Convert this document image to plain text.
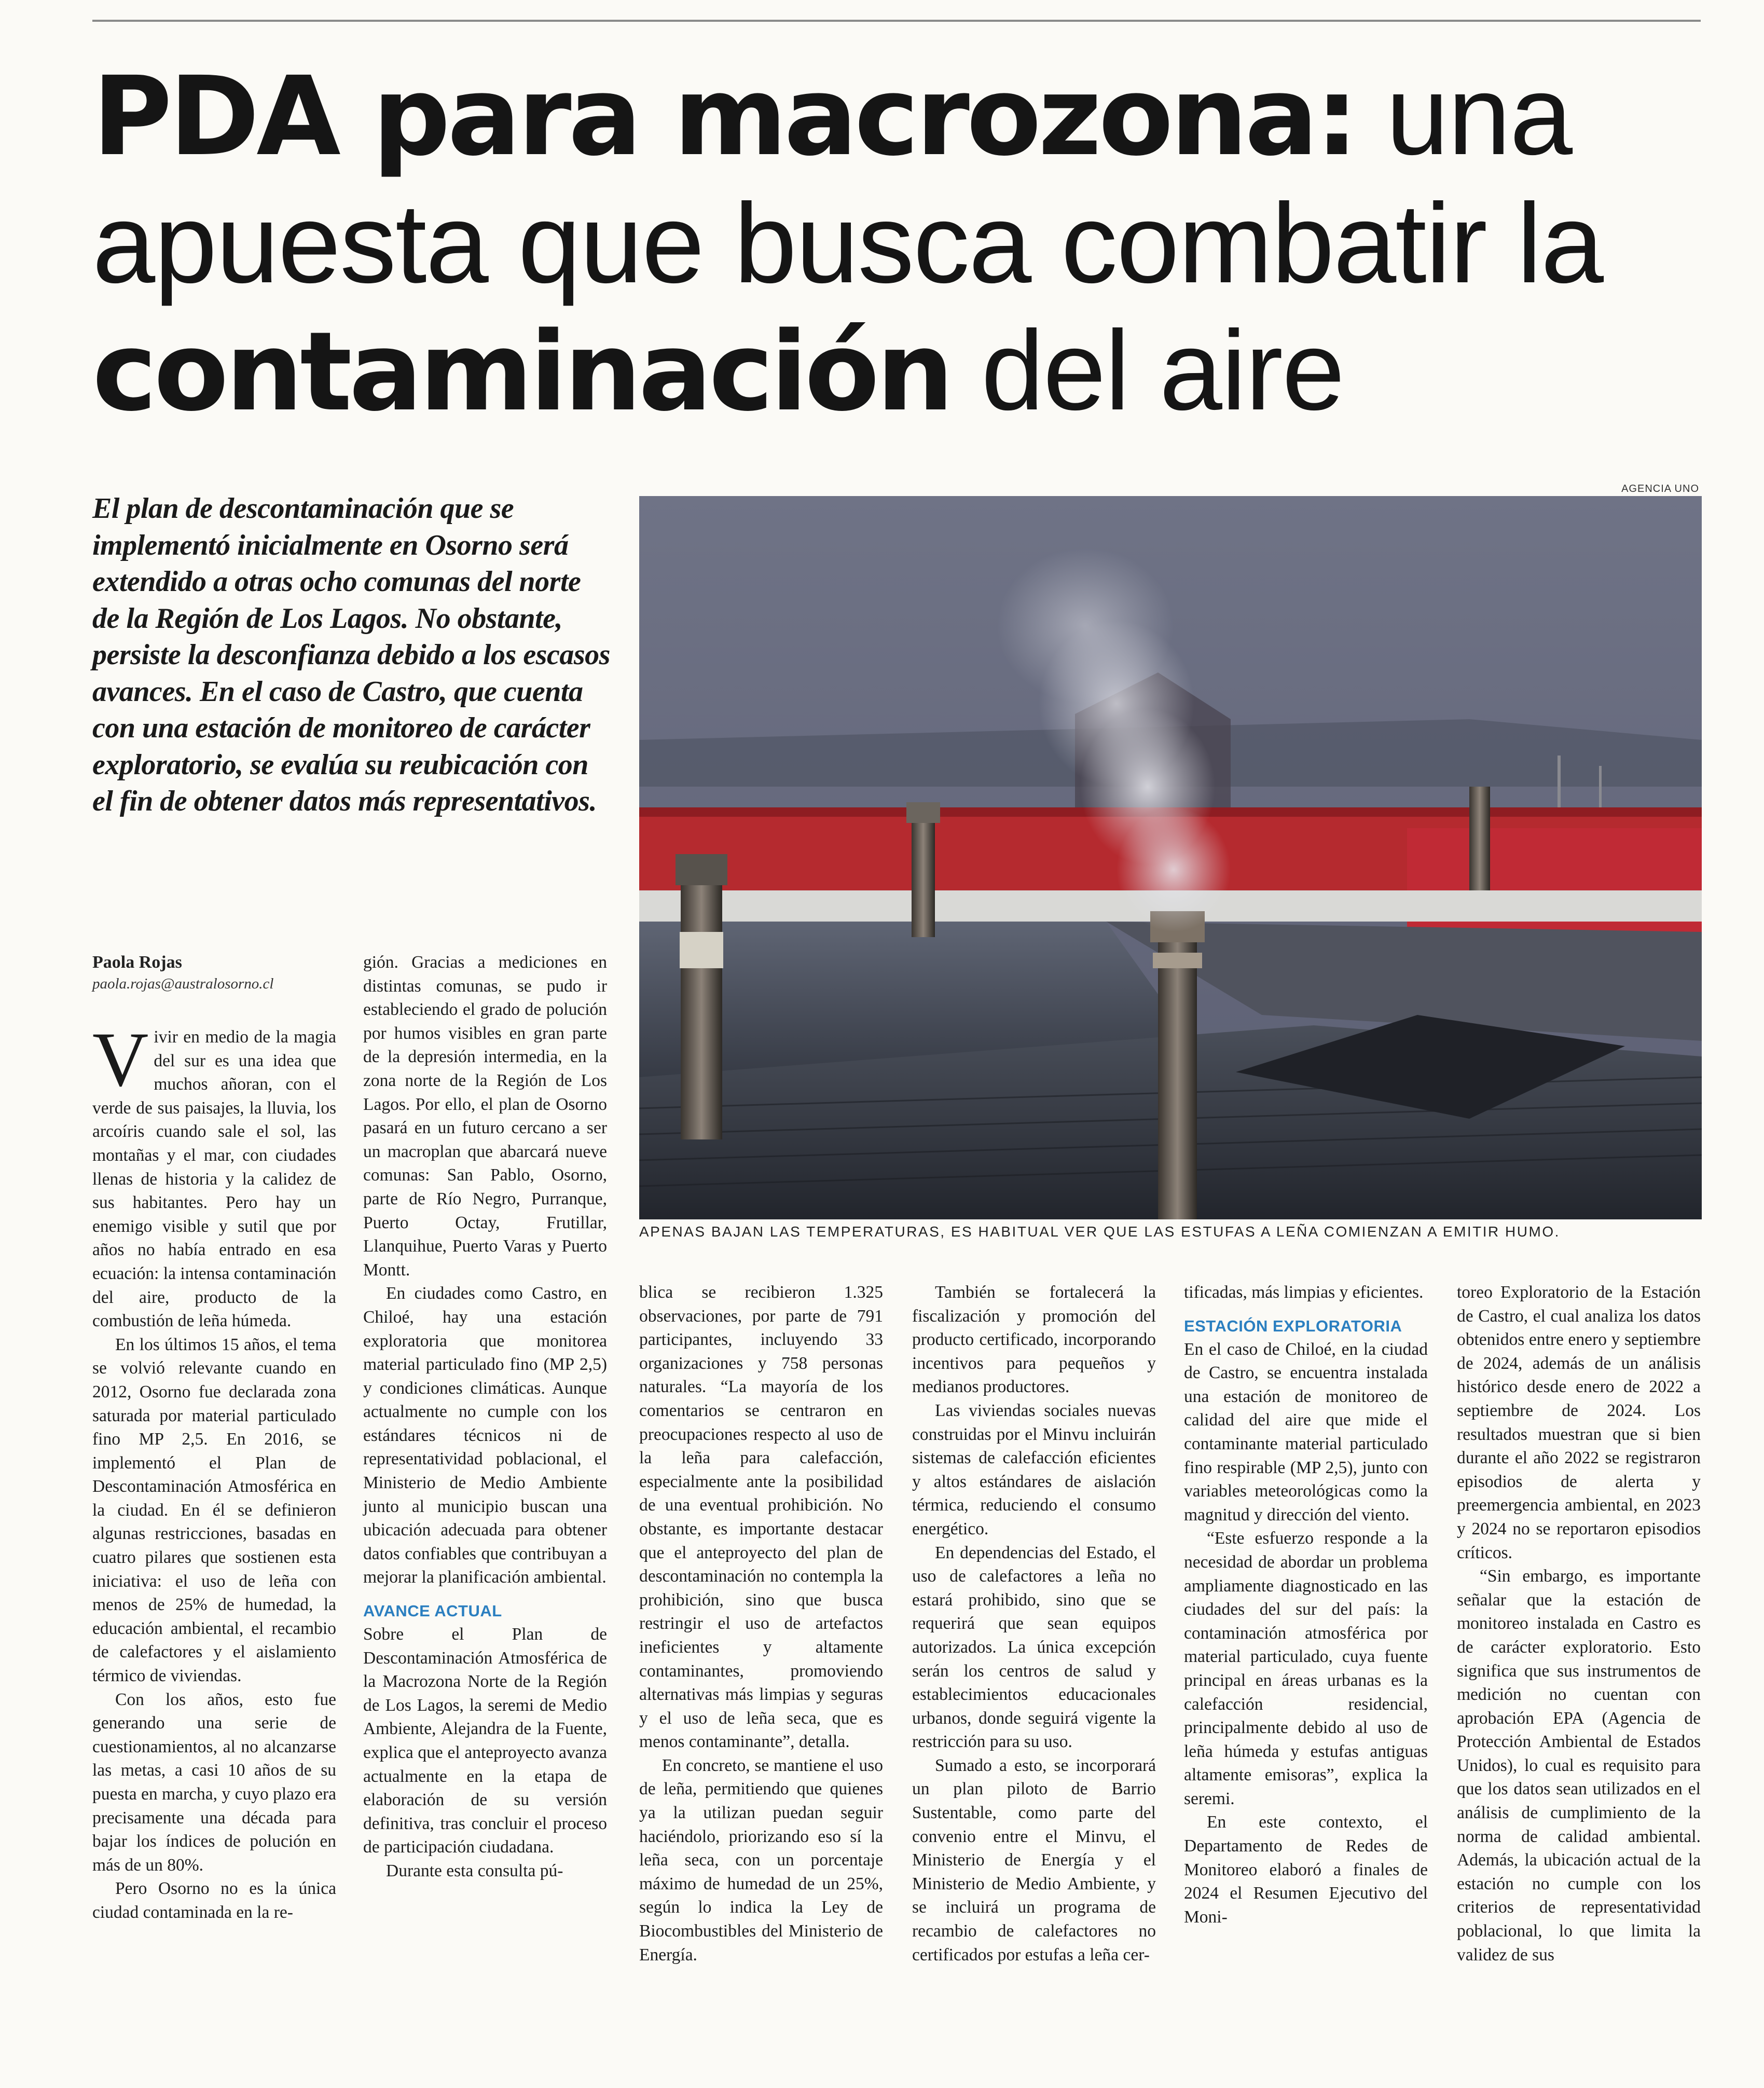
PDA para macrozona: una apuesta que busca combatir la contaminación del aire

El plan de descontaminación que se implementó inicialmente en Osorno será extendido a otras ocho comunas del norte de la Región de Los Lagos. No obstante, persiste la desconfianza debido a los escasos avances. En el caso de Castro, que cuenta con una estación de monitoreo de carácter exploratorio, se evalúa su reubicación con el fin de obtener datos más representativos.

AGENCIA UNO
APENAS BAJAN LAS TEMPERATURAS, ES HABITUAL VER QUE LAS ESTUFAS A LEÑA COMIENZAN A EMITIR HUMO.
Paola Rojas
paola.rojas@australosorno.cl

Vivir en medio de la magia del sur es una idea que muchos añoran, con el verde de sus paisajes, la lluvia, los arcoíris cuando sale el sol, las montañas y el mar, con ciudades llenas de historia y la calidez de sus habitantes. Pero hay un enemigo visible y sutil que por años no había entrado en esa ecuación: la intensa contaminación del aire, producto de la combustión de leña húmeda.

En los últimos 15 años, el tema se volvió relevante cuando en 2012, Osorno fue declarada zona saturada por material particulado fino MP 2,5. En 2016, se implementó el Plan de Descontaminación Atmosférica en la ciudad. En él se definieron algunas restricciones, basadas en cuatro pilares que sostienen esta iniciativa: el uso de leña con menos de 25% de humedad, la educación ambiental, el recambio de calefactores y el aislamiento térmico de viviendas.

Con los años, esto fue generando una serie de cuestionamientos, al no alcanzarse las metas, a casi 10 años de su puesta en marcha, y cuyo plazo era precisamente una década para bajar los índices de polución en más de un 80%.

Pero Osorno no es la única ciudad contaminada en la re-

gión. Gracias a mediciones en distintas comunas, se pudo ir estableciendo el grado de polución por humos visibles en gran parte de la depresión intermedia, en la zona norte de la Región de Los Lagos. Por ello, el plan de Osorno pasará en un futuro cercano a ser un macroplan que abarcará nueve comunas: San Pablo, Osorno, parte de Río Negro, Purranque, Puerto Octay, Frutillar, Llanquihue, Puerto Varas y Puerto Montt.

En ciudades como Castro, en Chiloé, hay una estación exploratoria que monitorea material particulado fino (MP 2,5) y condiciones climáticas. Aunque actualmente no cumple con los estándares técnicos ni de representatividad poblacional, el Ministerio de Medio Ambiente junto al municipio buscan una ubicación adecuada para obtener datos confiables que contribuyan a mejorar la planificación ambiental.

AVANCE ACTUAL

Sobre el Plan de Descontaminación Atmosférica de la Macrozona Norte de la Región de Los Lagos, la seremi de Medio Ambiente, Alejandra de la Fuente, explica que el anteproyecto avanza actualmente en la etapa de elaboración de su versión definitiva, tras concluir el proceso de participación ciudadana.

Durante esta consulta pú-

blica se recibieron 1.325 observaciones, por parte de 791 participantes, incluyendo 33 organizaciones y 758 personas naturales. “La mayoría de los comentarios se centraron en preocupaciones respecto al uso de la leña para calefacción, especialmente ante la posibilidad de una eventual prohibición. No obstante, es importante destacar que el anteproyecto del plan de descontaminación no contempla la prohibición, sino que busca restringir el uso de artefactos ineficientes y altamente contaminantes, promoviendo alternativas más limpias y seguras y el uso de leña seca, que es menos contaminante”, detalla.

En concreto, se mantiene el uso de leña, permitiendo que quienes ya la utilizan puedan seguir haciéndolo, priorizando eso sí la leña seca, con un porcentaje máximo de humedad de un 25%, según lo indica la Ley de Biocombustibles del Ministerio de Energía.

También se fortalecerá la fiscalización y promoción del producto certificado, incorporando incentivos para pequeños y medianos productores.

Las viviendas sociales nuevas construidas por el Minvu incluirán sistemas de calefacción eficientes y altos estándares de aislación térmica, reduciendo el consumo energético.

En dependencias del Estado, el uso de calefactores a leña no estará prohibido, sino que se requerirá que sean equipos autorizados. La única excepción serán los centros de salud y establecimientos educacionales urbanos, donde seguirá vigente la restricción para su uso.

Sumado a esto, se incorporará un plan piloto de Barrio Sustentable, como parte del convenio entre el Minvu, el Ministerio de Energía y el Ministerio de Medio Ambiente, y se incluirá un programa de recambio de calefactores no certificados por estufas a leña cer-

tificadas, más limpias y eficientes.

ESTACIÓN EXPLORATORIA

En el caso de Chiloé, en la ciudad de Castro, se encuentra instalada una estación de monitoreo de calidad del aire que mide el contaminante material particulado fino respirable (MP 2,5), junto con variables meteorológicas como la magnitud y dirección del viento.

“Este esfuerzo responde a la necesidad de abordar un problema ampliamente diagnosticado en las ciudades del sur del país: la contaminación atmosférica por material particulado, cuya fuente principal en áreas urbanas es la calefacción residencial, principalmente debido al uso de leña húmeda y estufas antiguas altamente emisoras”, explica la seremi.

En este contexto, el Departamento de Redes de Monitoreo elaboró a finales de 2024 el Resumen Ejecutivo del Moni-

toreo Exploratorio de la Estación de Castro, el cual analiza los datos obtenidos entre enero y septiembre de 2024, además de un análisis histórico desde enero de 2022 a septiembre de 2024. Los resultados muestran que si bien durante el año 2022 se registraron episodios de alerta y preemergencia ambiental, en 2023 y 2024 no se reportaron episodios críticos.

“Sin embargo, es importante señalar que la estación de monitoreo instalada en Castro es de carácter exploratorio. Esto significa que sus instrumentos de medición no cuentan con aprobación EPA (Agencia de Protección Ambiental de Estados Unidos), lo cual es requisito para que los datos sean utilizados en el análisis de cumplimiento de la norma de calidad ambiental. Además, la ubicación actual de la estación no cumple con los criterios de representatividad poblacional, lo que limita la validez de sus
